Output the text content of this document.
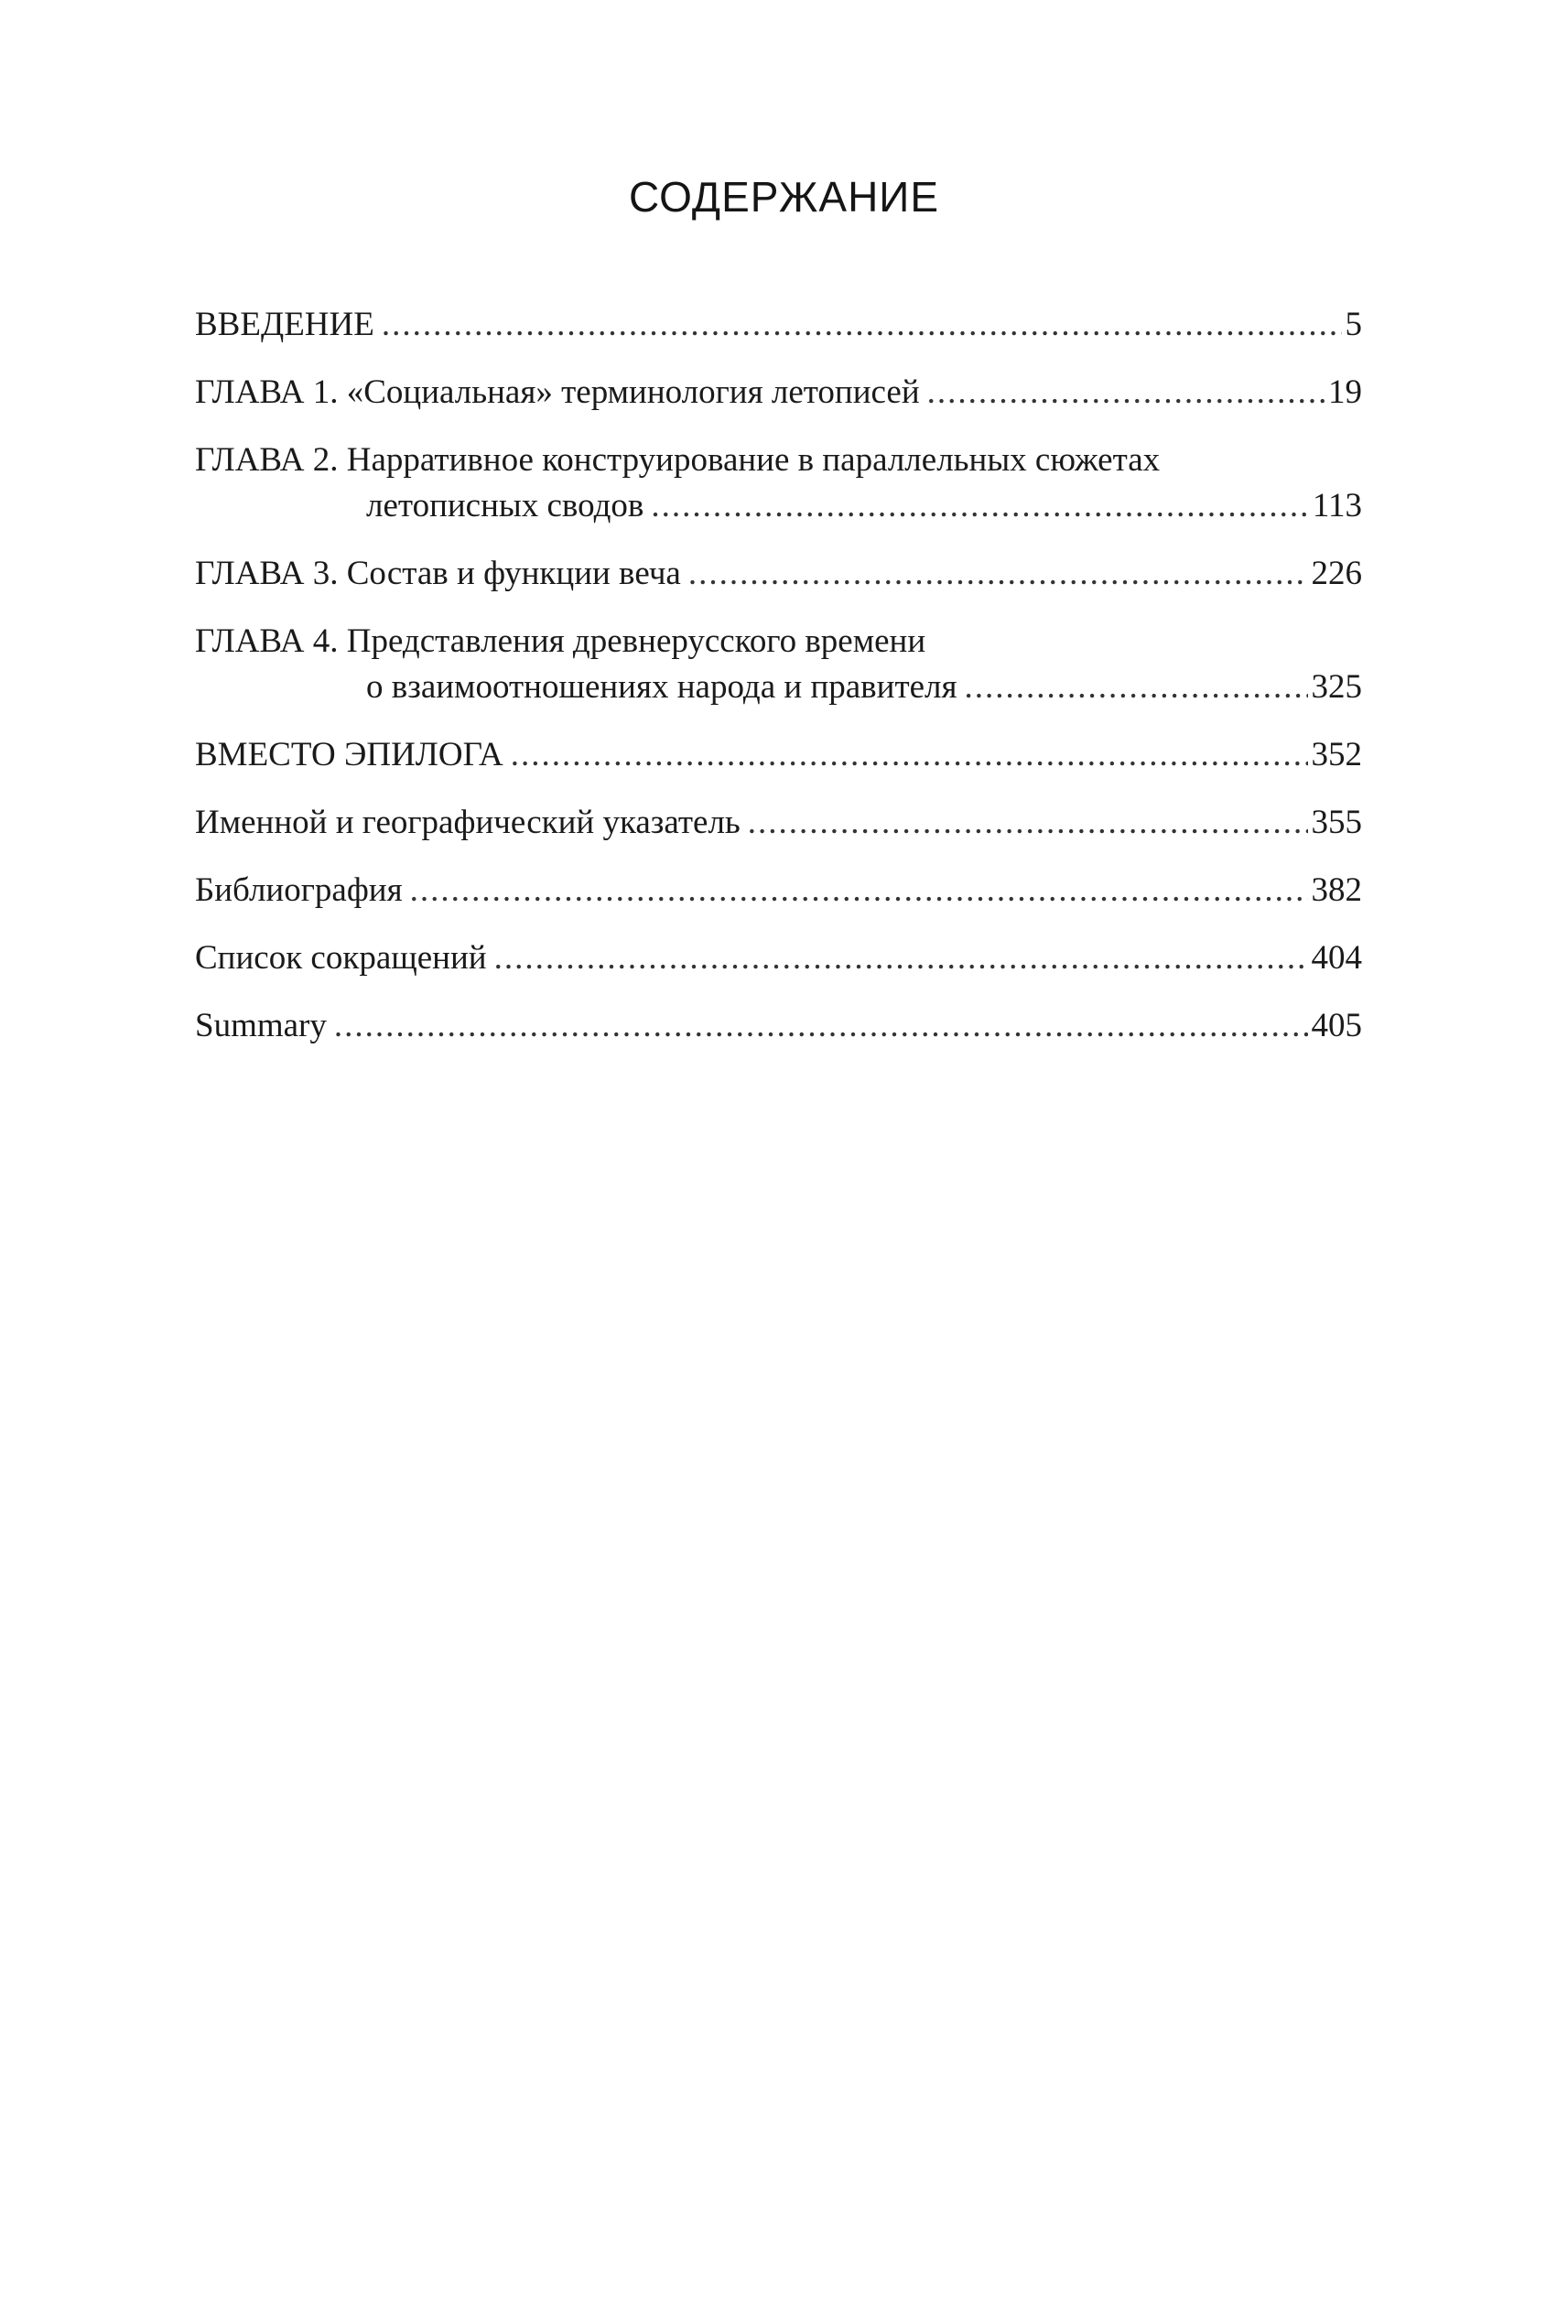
СОДЕРЖАНИЕ
ВВЕДЕНИЕ .....	5
ГЛАВА 1. «Социальная» терминология летописей .....	19
ГЛАВА 2. Нарративное конструирование в параллельных сюжетах
летописных сводов .....	113
ГЛАВА 3. Состав и функции веча .....	226
ГЛАВА 4. Представления древнерусского времени
о взаимоотношениях народа и правителя .....	325
ВМЕСТО ЭПИЛОГА .....	352
Именной и географический указатель .....	355
Библиография .....	382
Список сокращений .....	404
Summary .....	405
